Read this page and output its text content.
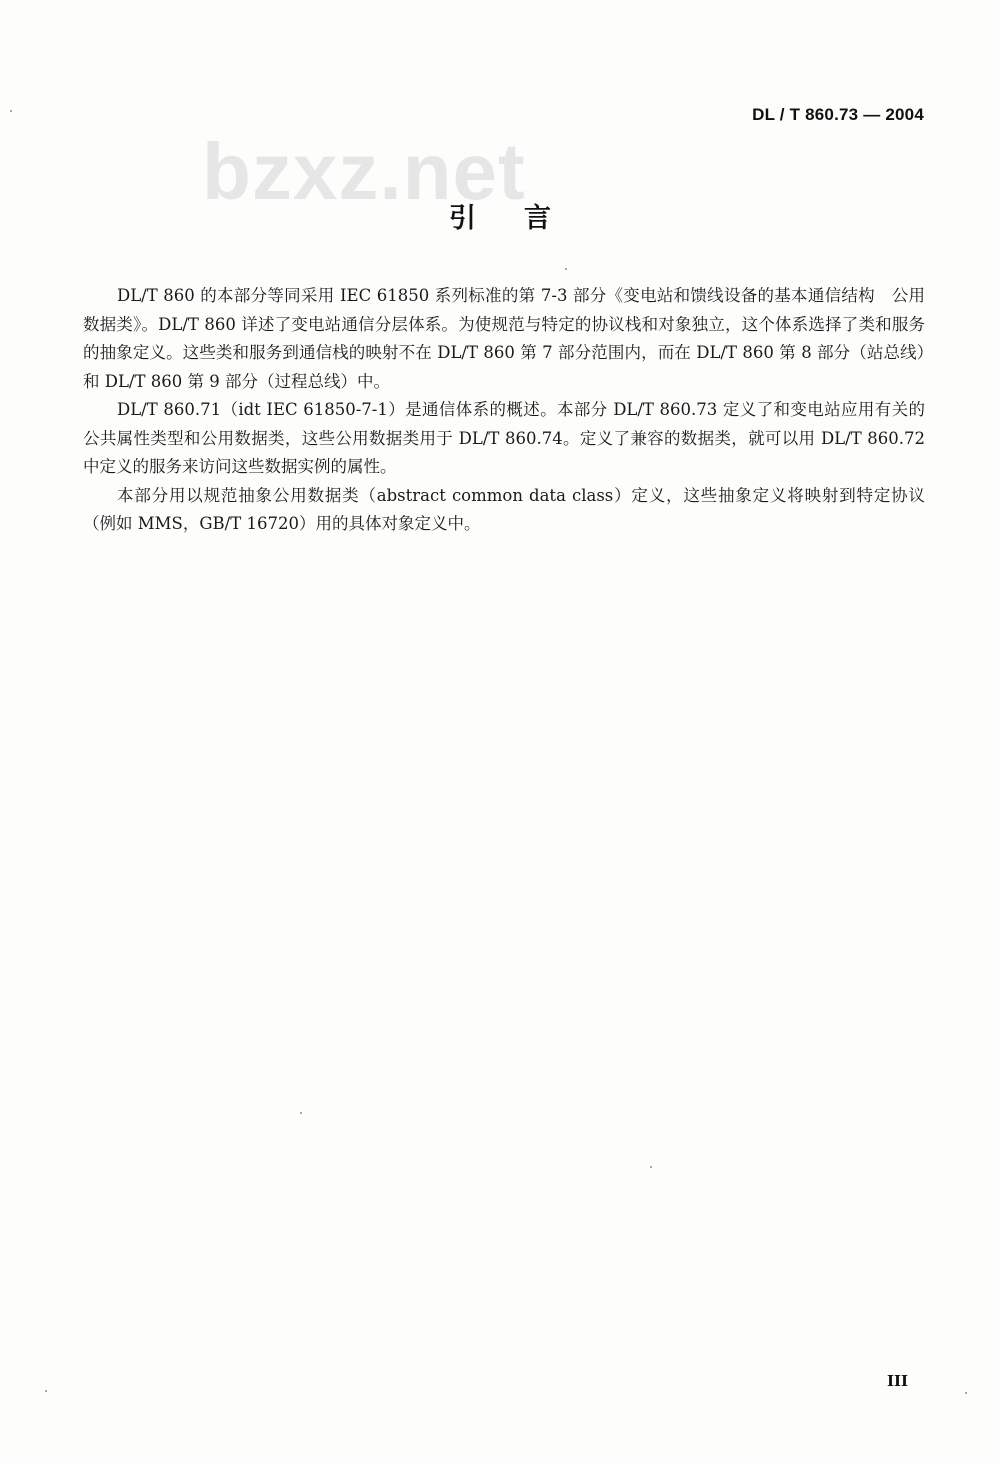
bzxz.net
DL / T 860.73 — 2004
引言

DL/T 860 的本部分等同采用 IEC 61850 系列标准的第 7-3 部分《变电站和馈线设备的基本通信结构　公用数据类》。DL/T 860 详述了变电站通信分层体系。为使规范与特定的协议栈和对象独立，这个体系选择了类和服务的抽象定义。这些类和服务到通信栈的映射不在 DL/T 860 第 7 部分范围内，而在 DL/T 860 第 8 部分（站总线）和 DL/T 860 第 9 部分（过程总线）中。

DL/T 860.71（idt IEC 61850-7-1）是通信体系的概述。本部分 DL/T 860.73 定义了和变电站应用有关的公共属性类型和公用数据类，这些公用数据类用于 DL/T 860.74。定义了兼容的数据类，就可以用 DL/T 860.72 中定义的服务来访问这些数据实例的属性。

本部分用以规范抽象公用数据类（abstract common data class）定义，这些抽象定义将映射到特定协议（例如 MMS，GB/T 16720）用的具体对象定义中。

III
